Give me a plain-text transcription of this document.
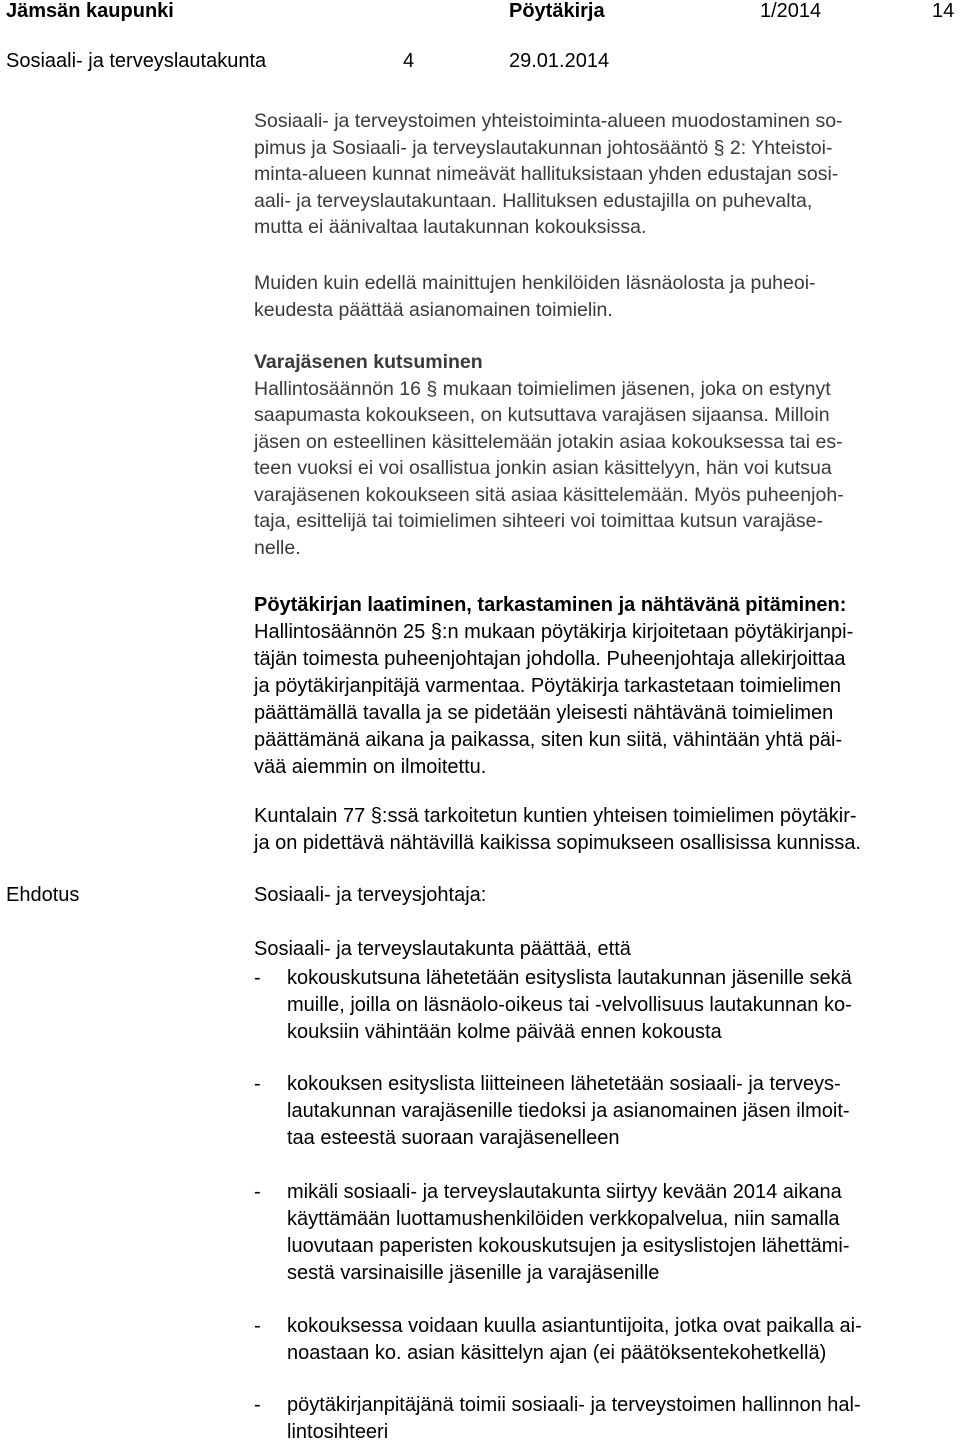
Jämsän kaupunki	Pöytäkirja	1/2014	14
Sosiaali- ja terveyslautakunta	4	29.01.2014
Sosiaali- ja terveystoimen yhteistoiminta-alueen muodostaminen so-
pimus ja Sosiaali- ja terveyslautakunnan johtosääntö § 2: Yhteistoi-
minta-alueen kunnat nimeävät hallituksistaan yhden edustajan sosi-
aali- ja terveyslautakuntaan. Hallituksen edustajilla on puhevalta,
mutta ei äänivaltaa lautakunnan kokouksissa.
Muiden kuin edellä mainittujen henkilöiden läsnäolosta ja puheoi-
keudesta päättää asianomainen toimielin.
Varajäsenen kutsuminen
Hallintosäännön 16 § mukaan toimielimen jäsenen, joka on estynyt
saapumasta kokoukseen, on kutsuttava varajäsen sijaansa. Milloin
jäsen on esteellinen käsittelemään jotakin asiaa kokouksessa tai es-
teen vuoksi ei voi osallistua jonkin asian käsittelyyn, hän voi kutsua
varajäsenen kokoukseen sitä asiaa käsittelemään. Myös puheenjoh-
taja, esittelijä tai toimielimen sihteeri voi toimittaa kutsun varajäse-
nelle.
Pöytäkirjan laatiminen, tarkastaminen ja nähtävänä pitäminen:
Hallintosäännön 25 §:n mukaan pöytäkirja kirjoitetaan pöytäkirjanpi-
täjän toimesta puheenjohtajan johdolla. Puheenjohtaja allekirjoittaa
ja pöytäkirjanpitäjä varmentaa. Pöytäkirja tarkastetaan toimielimen
päättämällä tavalla ja se pidetään yleisesti nähtävänä toimielimen
päättämänä aikana ja paikassa, siten kun siitä, vähintään yhtä päi-
vää aiemmin on ilmoitettu.
Kuntalain 77 §:ssä tarkoitetun kuntien yhteisen toimielimen pöytäkir-
ja on pidettävä nähtävillä kaikissa sopimukseen osallisissa kunnissa.
Ehdotus	Sosiaali- ja terveysjohtaja:
Sosiaali- ja terveyslautakunta päättää, että
- kokouskutsuna lähetetään esityslista lautakunnan jäsenille sekä
muille, joilla on läsnäolo-oikeus tai -velvollisuus lautakunnan ko-
kouksiin vähintään kolme päivää ennen kokousta
- kokouksen esityslista liitteineen lähetetään sosiaali- ja terveys-
lautakunnan varajäsenille tiedoksi ja asianomainen jäsen ilmoit-
taa esteestä suoraan varajäsenelleen
- mikäli sosiaali- ja terveyslautakunta siirtyy kevään 2014 aikana
käyttämään luottamushenkilöiden verkkopalvelua, niin samalla
luovutaan paperisten kokouskutsujen ja esityslistojen lähettämi-
sestä varsinaisille jäsenille ja varajäsenille
- kokouksessa voidaan kuulla asiantuntijoita, jotka ovat paikalla ai-
noastaan ko. asian käsittelyn ajan (ei päätöksentekohetkellä)
- pöytäkirjanpitäjänä toimii sosiaali- ja terveystoimen hallinnon hal-
lintosihteeri
